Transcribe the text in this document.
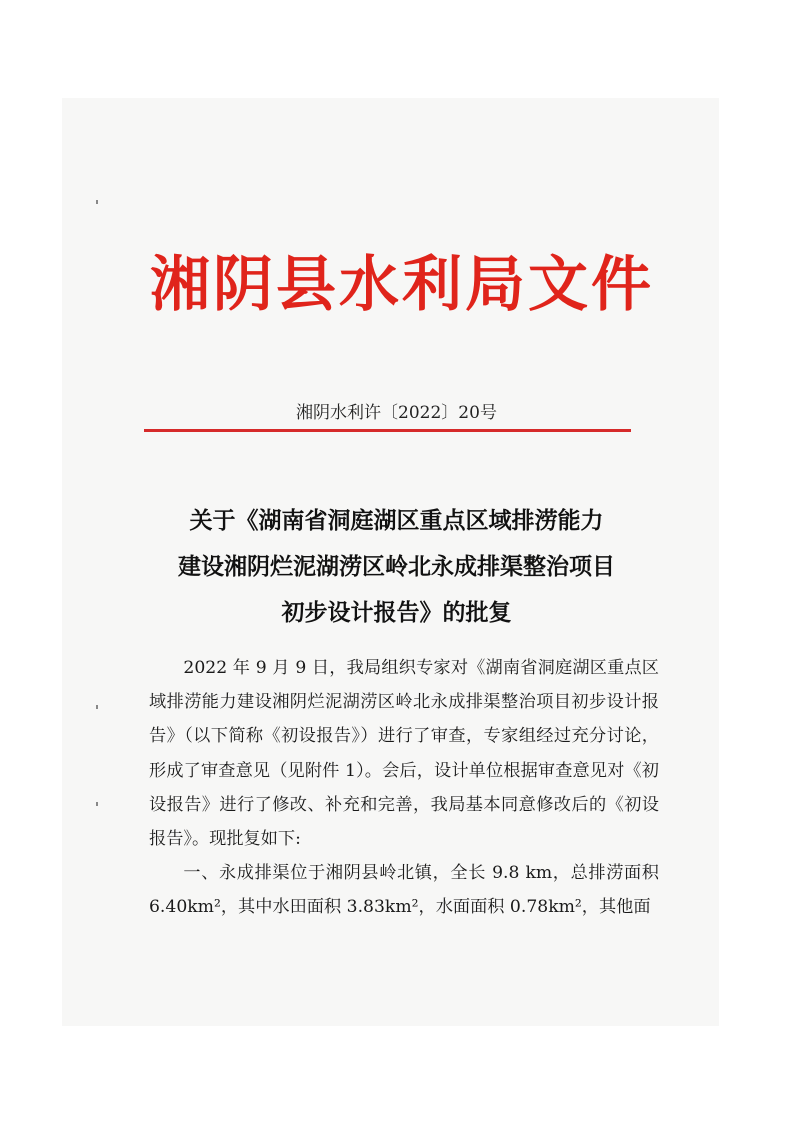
湘阴县水利局文件
湘阴水利许〔2022〕20号
关于《湖南省洞庭湖区重点区域排涝能力
建设湘阴烂泥湖涝区岭北永成排渠整治项目
初步设计报告》的批复

2022 年 9 月 9 日，我局组织专家对《湖南省洞庭湖区重点区域排涝能力建设湘阴烂泥湖涝区岭北永成排渠整治项目初步设计报告》（以下简称《初设报告》）进行了审查，专家组经过充分讨论，形成了审查意见（见附件 1）。会后，设计单位根据审查意见对《初设报告》进行了修改、补充和完善，我局基本同意修改后的《初设报告》。现批复如下:

一、永成排渠位于湘阴县岭北镇，全长 9.8 km，总排涝面积 6.40km²，其中水田面积 3.83km²，水面面积 0.78km²，其他面
